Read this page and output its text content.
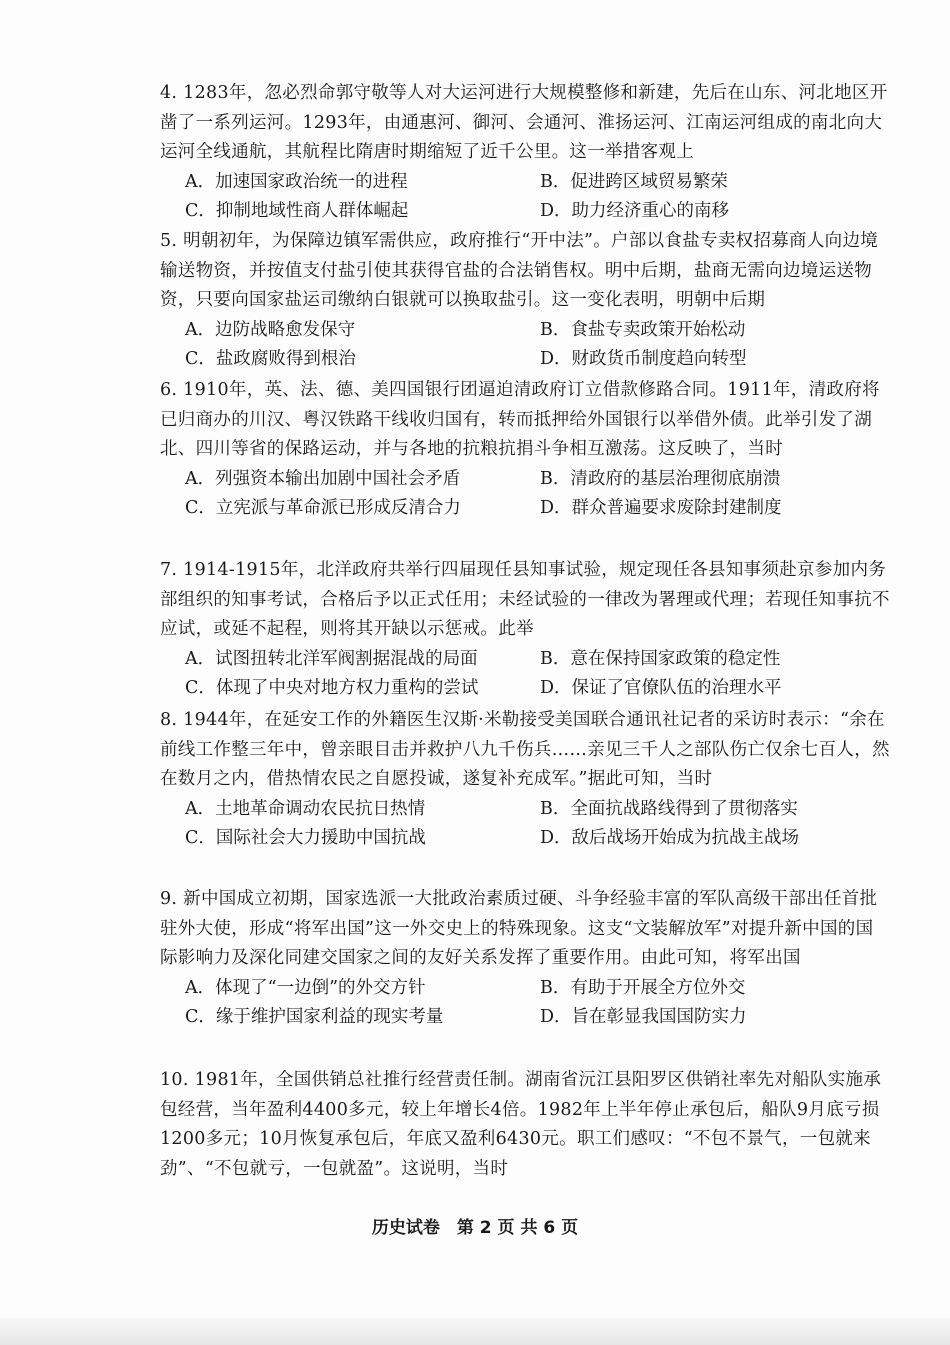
4. 1283年，忽必烈命郭守敬等人对大运河进行大规模整修和新建，先后在山东、河北地区开凿了一系列运河。1293年，由通惠河、御河、会通河、淮扬运河、江南运河组成的南北向大运河全线通航，其航程比隋唐时期缩短了近千公里。这一举措客观上
A．加速国家政治统一的进程	B．促进跨区域贸易繁荣
C．抑制地域性商人群体崛起	D．助力经济重心的南移
5. 明朝初年，为保障边镇军需供应，政府推行“开中法”。户部以食盐专卖权招募商人向边境输送物资，并按值支付盐引使其获得官盐的合法销售权。明中后期，盐商无需向边境运送物资，只要向国家盐运司缴纳白银就可以换取盐引。这一变化表明，明朝中后期
A．边防战略愈发保守	B．食盐专卖政策开始松动
C．盐政腐败得到根治	D．财政货币制度趋向转型
6. 1910年，英、法、德、美四国银行团逼迫清政府订立借款修路合同。1911年，清政府将已归商办的川汉、粤汉铁路干线收归国有，转而抵押给外国银行以举借外债。此举引发了湖北、四川等省的保路运动，并与各地的抗粮抗捐斗争相互激荡。这反映了，当时
A．列强资本输出加剧中国社会矛盾	B．清政府的基层治理彻底崩溃
C．立宪派与革命派已形成反清合力	D．群众普遍要求废除封建制度
7. 1914-1915年，北洋政府共举行四届现任县知事试验，规定现任各县知事须赴京参加内务部组织的知事考试，合格后予以正式任用；未经试验的一律改为署理或代理；若现任知事抗不应试，或延不起程，则将其开缺以示惩戒。此举
A．试图扭转北洋军阀割据混战的局面	B．意在保持国家政策的稳定性
C．体现了中央对地方权力重构的尝试	D．保证了官僚队伍的治理水平
8. 1944年，在延安工作的外籍医生汉斯·米勒接受美国联合通讯社记者的采访时表示：“余在前线工作整三年中，曾亲眼目击并救护八九千伤兵……亲见三千人之部队伤亡仅余七百人，然在数月之内，借热情农民之自愿投诚，遂复补充成军。”据此可知，当时
A．土地革命调动农民抗日热情	B．全面抗战路线得到了贯彻落实
C．国际社会大力援助中国抗战	D．敌后战场开始成为抗战主战场
9. 新中国成立初期，国家选派一大批政治素质过硬、斗争经验丰富的军队高级干部出任首批驻外大使，形成“将军出国”这一外交史上的特殊现象。这支“文装解放军”对提升新中国的国际影响力及深化同建交国家之间的友好关系发挥了重要作用。由此可知，将军出国
A．体现了“一边倒”的外交方针	B．有助于开展全方位外交
C．缘于维护国家利益的现实考量	D．旨在彰显我国国防实力
10. 1981年，全国供销总社推行经营责任制。湖南省沅江县阳罗区供销社率先对船队实施承包经营，当年盈利4400多元，较上年增长4倍。1982年上半年停止承包后，船队9月底亏损1200多元；10月恢复承包后，年底又盈利6430元。职工们感叹：“不包不景气，一包就来劲”、“不包就亏，一包就盈”。这说明，当时
历史试卷　第 2 页 共 6 页
